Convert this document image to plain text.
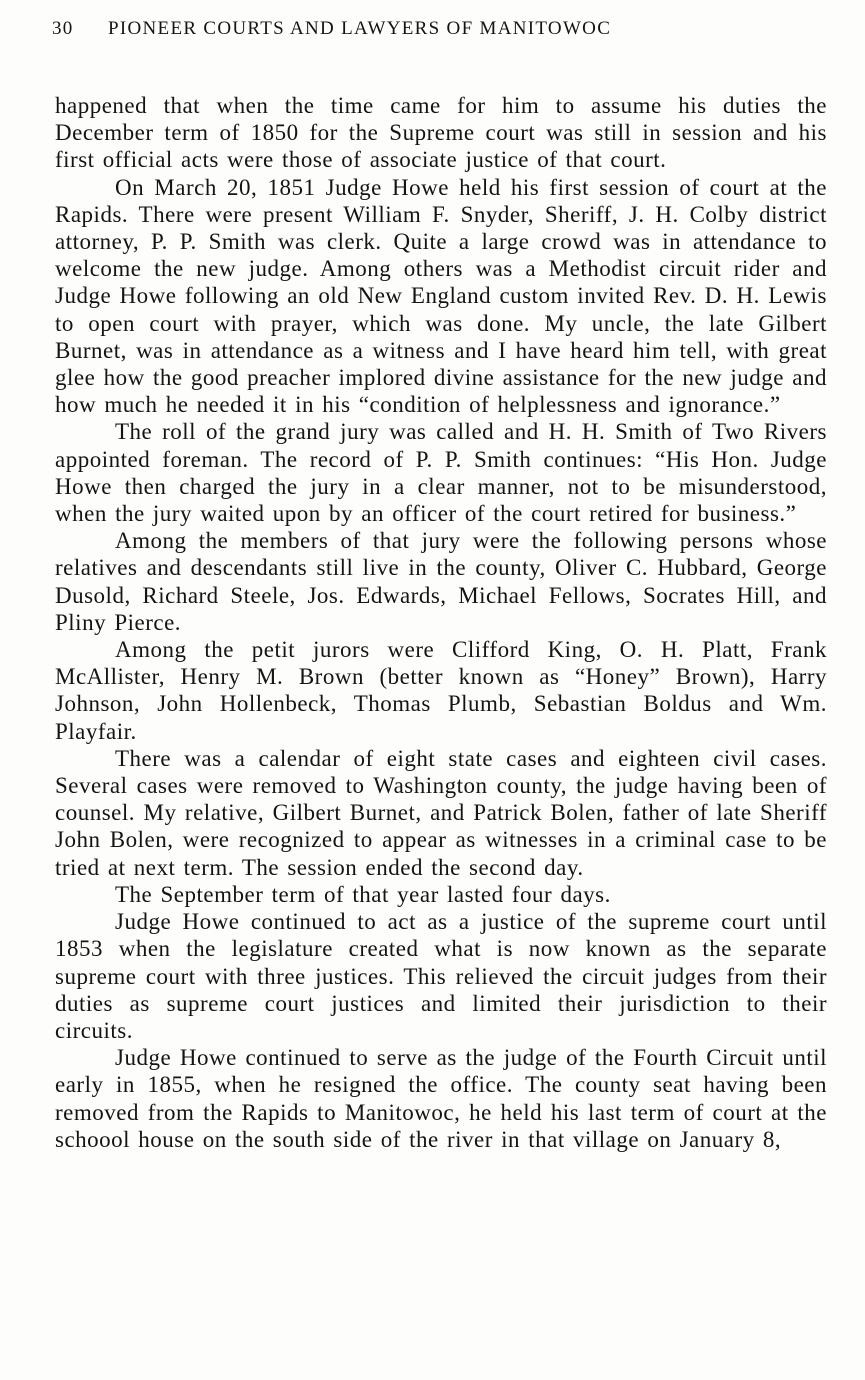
30 PIONEER COURTS AND LAWYERS OF MANITOWOC

happened that when the time came for him to assume his duties the December term of 1850 for the Supreme court was still in session and his first official acts were those of associate justice of that court.

On March 20, 1851 Judge Howe held his first session of court at the Rapids. There were present William F. Snyder, Sheriff, J. H. Colby district attorney, P. P. Smith was clerk. Quite a large crowd was in attendance to welcome the new judge. Among others was a Methodist circuit rider and Judge Howe following an old New England custom invited Rev. D. H. Lewis to open court with prayer, which was done. My uncle, the late Gilbert Burnet, was in attendance as a witness and I have heard him tell, with great glee how the good preacher implored divine assistance for the new judge and how much he needed it in his “condition of helplessness and ignorance.”

The roll of the grand jury was called and H. H. Smith of Two Rivers appointed foreman. The record of P. P. Smith continues: “His Hon. Judge Howe then charged the jury in a clear manner, not to be misunderstood, when the jury waited upon by an officer of the court retired for business.”

Among the members of that jury were the following persons whose relatives and descendants still live in the county, Oliver C. Hubbard, George Dusold, Richard Steele, Jos. Edwards, Michael Fellows, Socrates Hill, and Pliny Pierce.

Among the petit jurors were Clifford King, O. H. Platt, Frank McAllister, Henry M. Brown (better known as “Honey” Brown), Harry Johnson, John Hollenbeck, Thomas Plumb, Sebastian Boldus and Wm. Playfair.

There was a calendar of eight state cases and eighteen civil cases. Several cases were removed to Washington county, the judge having been of counsel. My relative, Gilbert Burnet, and Patrick Bolen, father of late Sheriff John Bolen, were recognized to appear as witnesses in a criminal case to be tried at next term. The session ended the second day.

The September term of that year lasted four days.

Judge Howe continued to act as a justice of the supreme court until 1853 when the legislature created what is now known as the separate supreme court with three justices. This relieved the circuit judges from their duties as supreme court justices and limited their jurisdiction to their circuits.

Judge Howe continued to serve as the judge of the Fourth Circuit until early in 1855, when he resigned the office. The county seat having been removed from the Rapids to Manitowoc, he held his last term of court at the schoool house on the south side of the river in that village on January 8,
